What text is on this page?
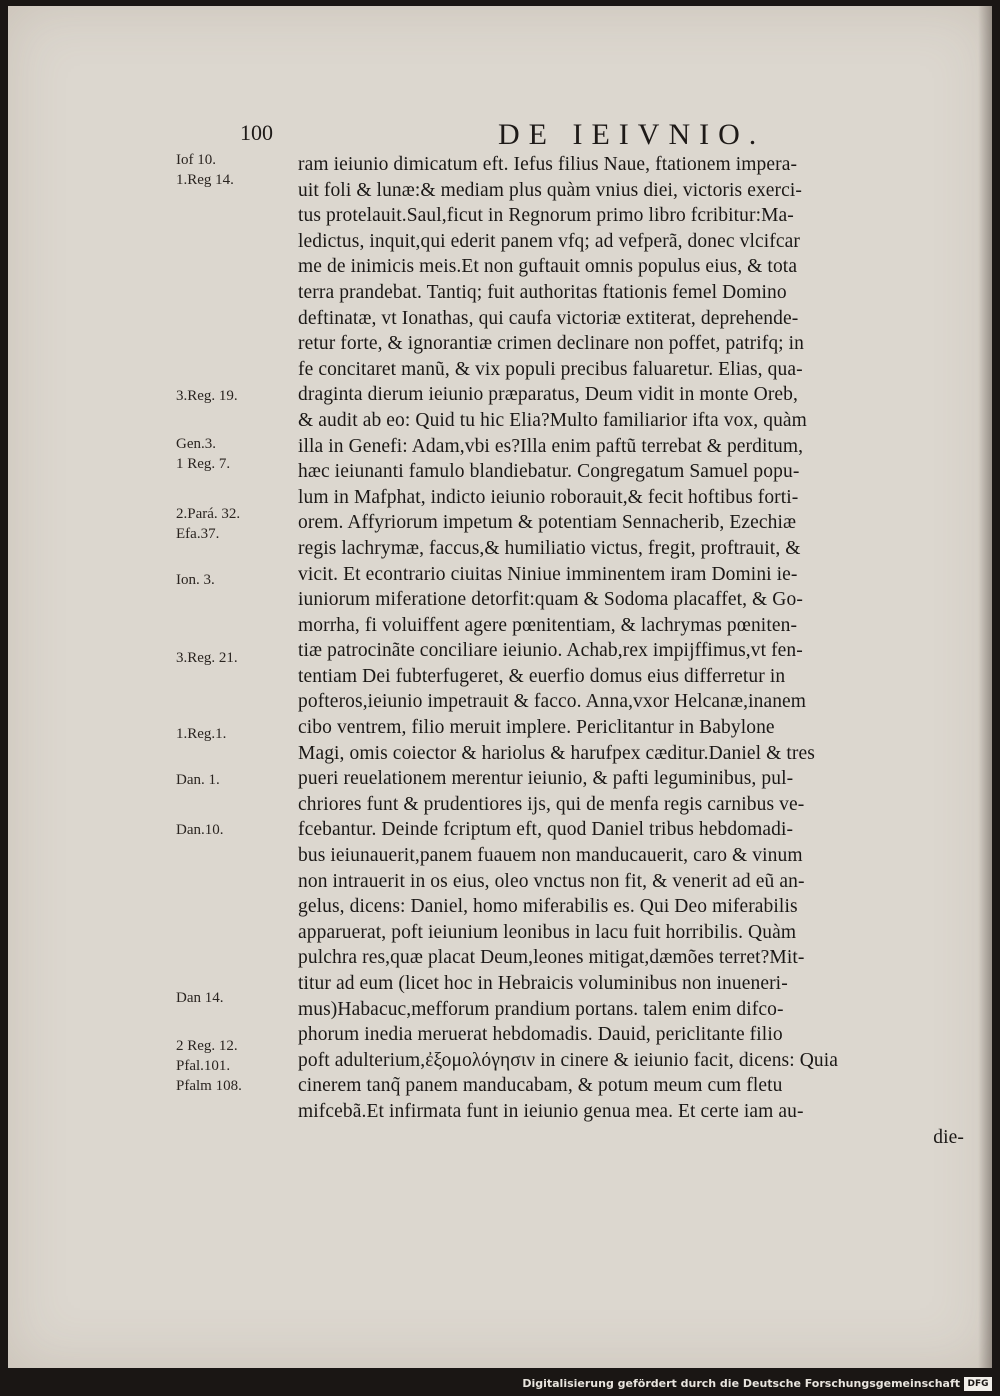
100	DE IEIVNIO.
Iof 10.
1.Reg 14.
3.Reg. 19.
Gen.3.
1 Reg. 7.
2.Pará. 32.
Efa.37.
Ion. 3.
3.Reg. 21.
1.Reg.1.
Dan. 1.
Dan.10.
Dan 14.
2 Reg. 12.
Pfal.101.
Pfalm 108.
ram ieiunio dimicatum eft. Iefus filius Naue, ftationem impera-
uit foli & lunæ:& mediam plus quàm vnius diei, victoris exerci-
tus protelauit.Saul,ficut in Regnorum primo libro fcribitur:Ma-
ledictus, inquit,qui ederit panem vfq; ad vefperã, donec vlcifcar
me de inimicis meis.Et non guftauit omnis populus eius, & tota
terra prandebat. Tantiq; fuit authoritas ftationis femel Domino
deftinatæ, vt Ionathas, qui caufa victoriæ extiterat, deprehende-
retur forte, & ignorantiæ crimen declinare non poffet, patrifq; in
fe concitaret manũ, & vix populi precibus faluaretur. Elias, qua-
draginta dierum ieiunio præparatus, Deum vidit in monte Oreb,
& audit ab eo: Quid tu hic Elia?Multo familiarior ifta vox, quàm
illa in Genefi: Adam,vbi es?Illa enim paftũ terrebat & perditum,
hæc ieiunanti famulo blandiebatur. Congregatum Samuel popu-
lum in Mafphat, indicto ieiunio roborauit,& fecit hoftibus forti-
orem. Affyriorum impetum & potentiam Sennacherib, Ezechiæ
regis lachrymæ, faccus,& humiliatio victus, fregit, proftrauit, &
vicit. Et econtrario ciuitas Niniue imminentem iram Domini ie-
iuniorum miferatione detorfit:quam & Sodoma placaffet, & Go-
morrha, fi voluiffent agere pœnitentiam, & lachrymas pœniten-
tiæ patrocinãte conciliare ieiunio. Achab,rex impijffimus,vt fen-
tentiam Dei fubterfugeret, & euerfio domus eius differretur in
pofteros,ieiunio impetrauit & facco. Anna,vxor Helcanæ,inanem
cibo ventrem, filio meruit implere. Periclitantur in Babylone
Magi, omis coiector & hariolus & harufpex cæditur.Daniel & tres
pueri reuelationem merentur ieiunio, & pafti leguminibus, pul-
chriores funt & prudentiores ijs, qui de menfa regis carnibus ve-
fcebantur. Deinde fcriptum eft, quod Daniel tribus hebdomadi-
bus ieiunauerit,panem fuauem non manducauerit, caro & vinum
non intrauerit in os eius, oleo vnctus non fit, & venerit ad eũ an-
gelus, dicens: Daniel, homo miferabilis es. Qui Deo miferabilis
apparuerat, poft ieiunium leonibus in lacu fuit horribilis. Quàm
pulchra res,quæ placat Deum,leones mitigat,dæmões terret?Mit-
titur ad eum (licet hoc in Hebraicis voluminibus non inueneri-
mus)Habacuc,mefforum prandium portans. talem enim difco-
phorum inedia meruerat hebdomadis. Dauid, periclitante filio
poft adulterium,ἐξομολόγησιν in cinere & ieiunio facit, dicens: Quia
cinerem tanq̃ panem manducabam, & potum meum cum fletu
mifcebã.Et infirmata funt in ieiunio genua mea. Et certe iam au-
die-
Digitalisierung gefördert durch die Deutsche Forschungsgemeinschaft DFG
